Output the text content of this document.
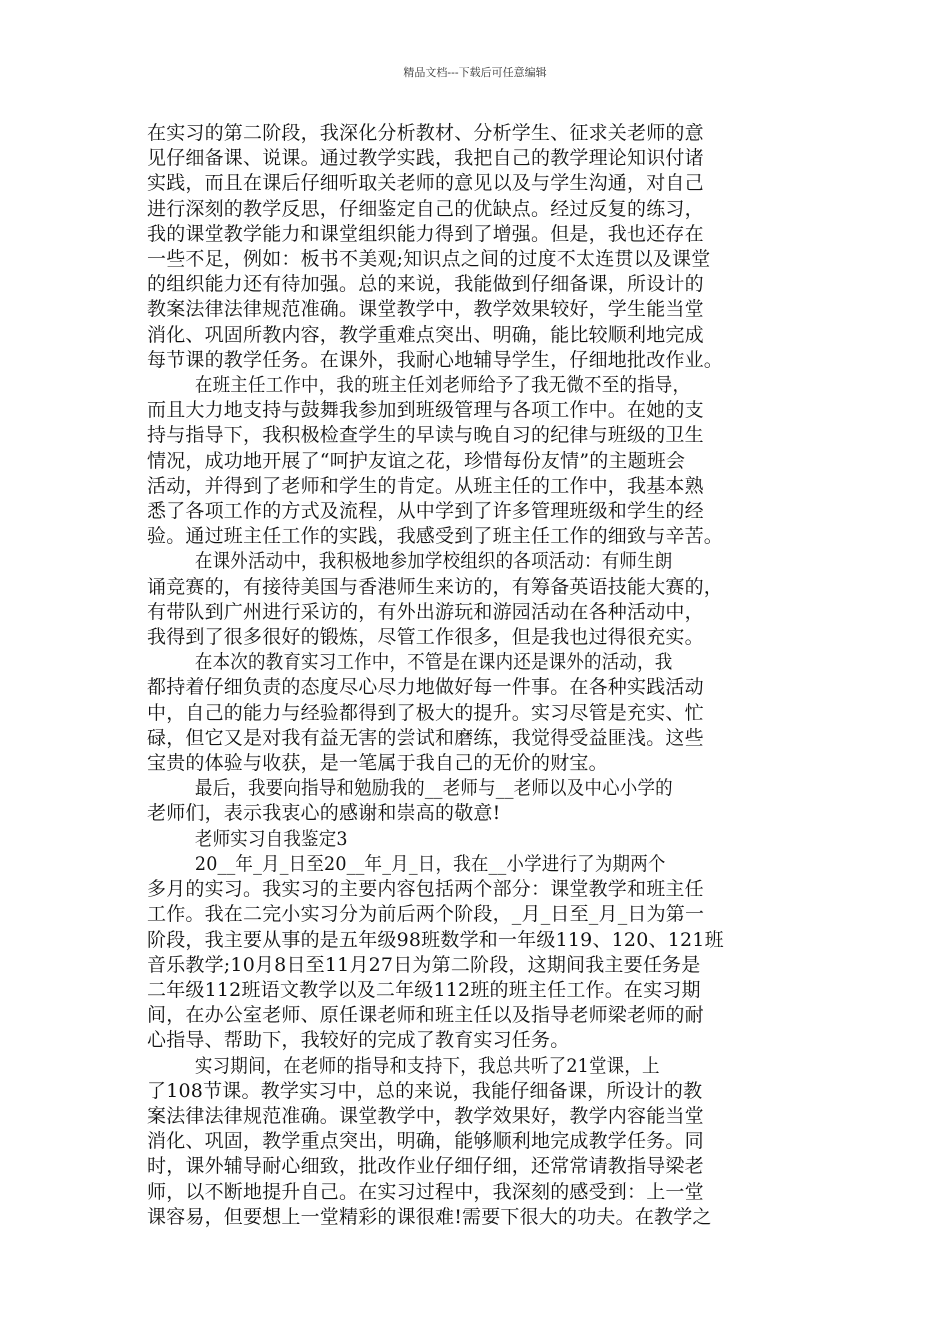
精品文档---下载后可任意编辑

在实习的第二阶段，我深化分析教材、分析学生、征求关老师的意
见仔细备课、说课。通过教学实践，我把自己的教学理论知识付诸
实践，而且在课后仔细听取关老师的意见以及与学生沟通，对自己
进行深刻的教学反思，仔细鉴定自己的优缺点。经过反复的练习，
我的课堂教学能力和课堂组织能力得到了增强。但是，我也还存在
一些不足，例如：板书不美观;知识点之间的过度不太连贯以及课堂
的组织能力还有待加强。总的来说，我能做到仔细备课，所设计的
教案法律法律规范准确。课堂教学中，教学效果较好，学生能当堂
消化、巩固所教内容，教学重难点突出、明确，能比较顺利地完成
每节课的教学任务。在课外，我耐心地辅导学生，仔细地批改作业。

在班主任工作中，我的班主任刘老师给予了我无微不至的指导，
而且大力地支持与鼓舞我参加到班级管理与各项工作中。在她的支
持与指导下，我积极检查学生的早读与晚自习的纪律与班级的卫生
情况，成功地开展了“呵护友谊之花，珍惜每份友情”的主题班会
活动，并得到了老师和学生的肯定。从班主任的工作中，我基本熟
悉了各项工作的方式及流程，从中学到了许多管理班级和学生的经
验。通过班主任工作的实践，我感受到了班主任工作的细致与辛苦。

在课外活动中，我积极地参加学校组织的各项活动：有师生朗
诵竞赛的，有接待美国与香港师生来访的，有筹备英语技能大赛的，
有带队到广州进行采访的，有外出游玩和游园活动在各种活动中，
我得到了很多很好的锻炼，尽管工作很多，但是我也过得很充实。

在本次的教育实习工作中，不管是在课内还是课外的活动，我
都持着仔细负责的态度尽心尽力地做好每一件事。在各种实践活动
中，自己的能力与经验都得到了极大的提升。实习尽管是充实、忙
碌，但它又是对我有益无害的尝试和磨练，我觉得受益匪浅。这些
宝贵的体验与收获，是一笔属于我自己的无价的财宝。

最后，我要向指导和勉励我的__老师与__老师以及中心小学的
老师们，表示我衷心的感谢和崇高的敬意!

老师实习自我鉴定3

20__年_月_日至20__年_月_日，我在__小学进行了为期两个
多月的实习。我实习的主要内容包括两个部分：课堂教学和班主任
工作。我在二完小实习分为前后两个阶段，_月_日至_月_日为第一
阶段，我主要从事的是五年级98班数学和一年级119、120、121班
音乐教学;10月8日至11月27日为第二阶段，这期间我主要任务是
二年级112班语文教学以及二年级112班的班主任工作。在实习期
间，在办公室老师、原任课老师和班主任以及指导老师梁老师的耐
心指导、帮助下，我较好的完成了教育实习任务。

实习期间，在老师的指导和支持下，我总共听了21堂课，上
了108节课。教学实习中，总的来说，我能仔细备课，所设计的教
案法律法律规范准确。课堂教学中，教学效果好，教学内容能当堂
消化、巩固，教学重点突出，明确，能够顺利地完成教学任务。同
时，课外辅导耐心细致，批改作业仔细仔细，还常常请教指导梁老
师，以不断地提升自己。在实习过程中，我深刻的感受到：上一堂
课容易，但要想上一堂精彩的课很难!需要下很大的功夫。在教学之
